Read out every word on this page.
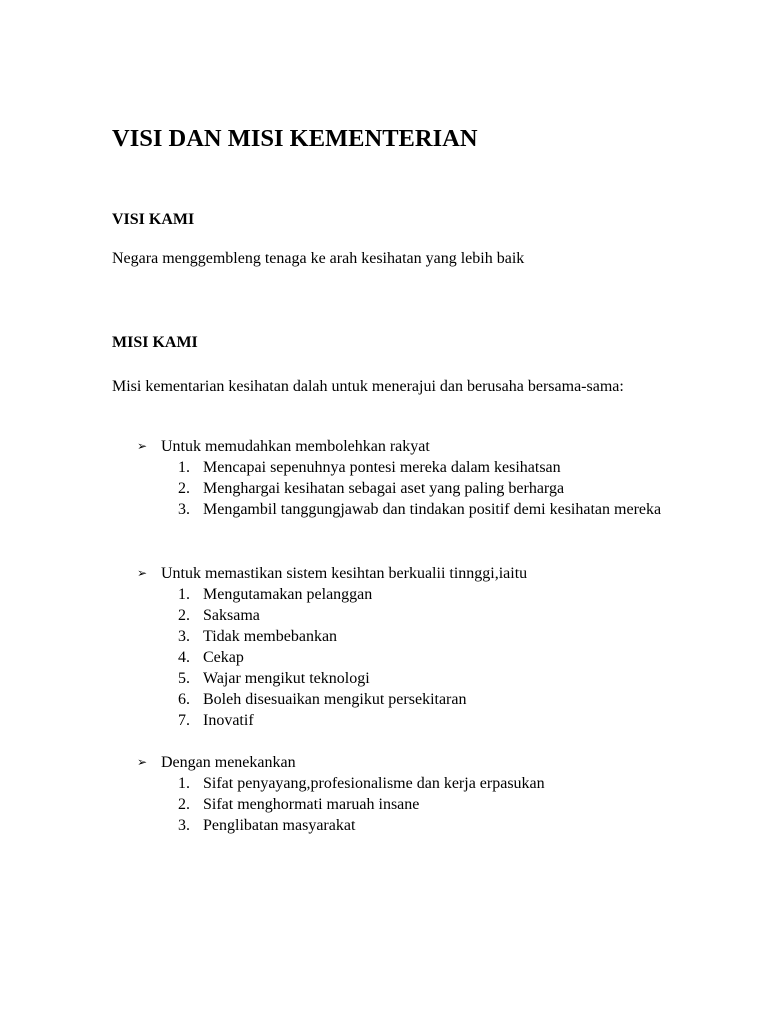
VISI DAN MISI KEMENTERIAN
VISI KAMI

Negara menggembleng tenaga ke arah kesihatan yang lebih baik

MISI KAMI

Misi kementarian kesihatan dalah untuk menerajui dan berusaha bersama-sama:

➢ Untuk memudahkan membolehkan rakyat
1. Mencapai sepenuhnya pontesi mereka dalam kesihatsan
2. Menghargai kesihatan sebagai aset yang paling berharga
3. Mengambil tanggungjawab dan tindakan positif demi kesihatan mereka
➢ Untuk memastikan sistem kesihtan berkualii tinnggi,iaitu
1. Mengutamakan pelanggan
2. Saksama
3. Tidak membebankan
4. Cekap
5. Wajar mengikut teknologi
6. Boleh disesuaikan mengikut persekitaran
7. Inovatif
➢ Dengan menekankan
1. Sifat penyayang,profesionalisme dan kerja erpasukan
2. Sifat menghormati maruah insane
3. Penglibatan masyarakat
